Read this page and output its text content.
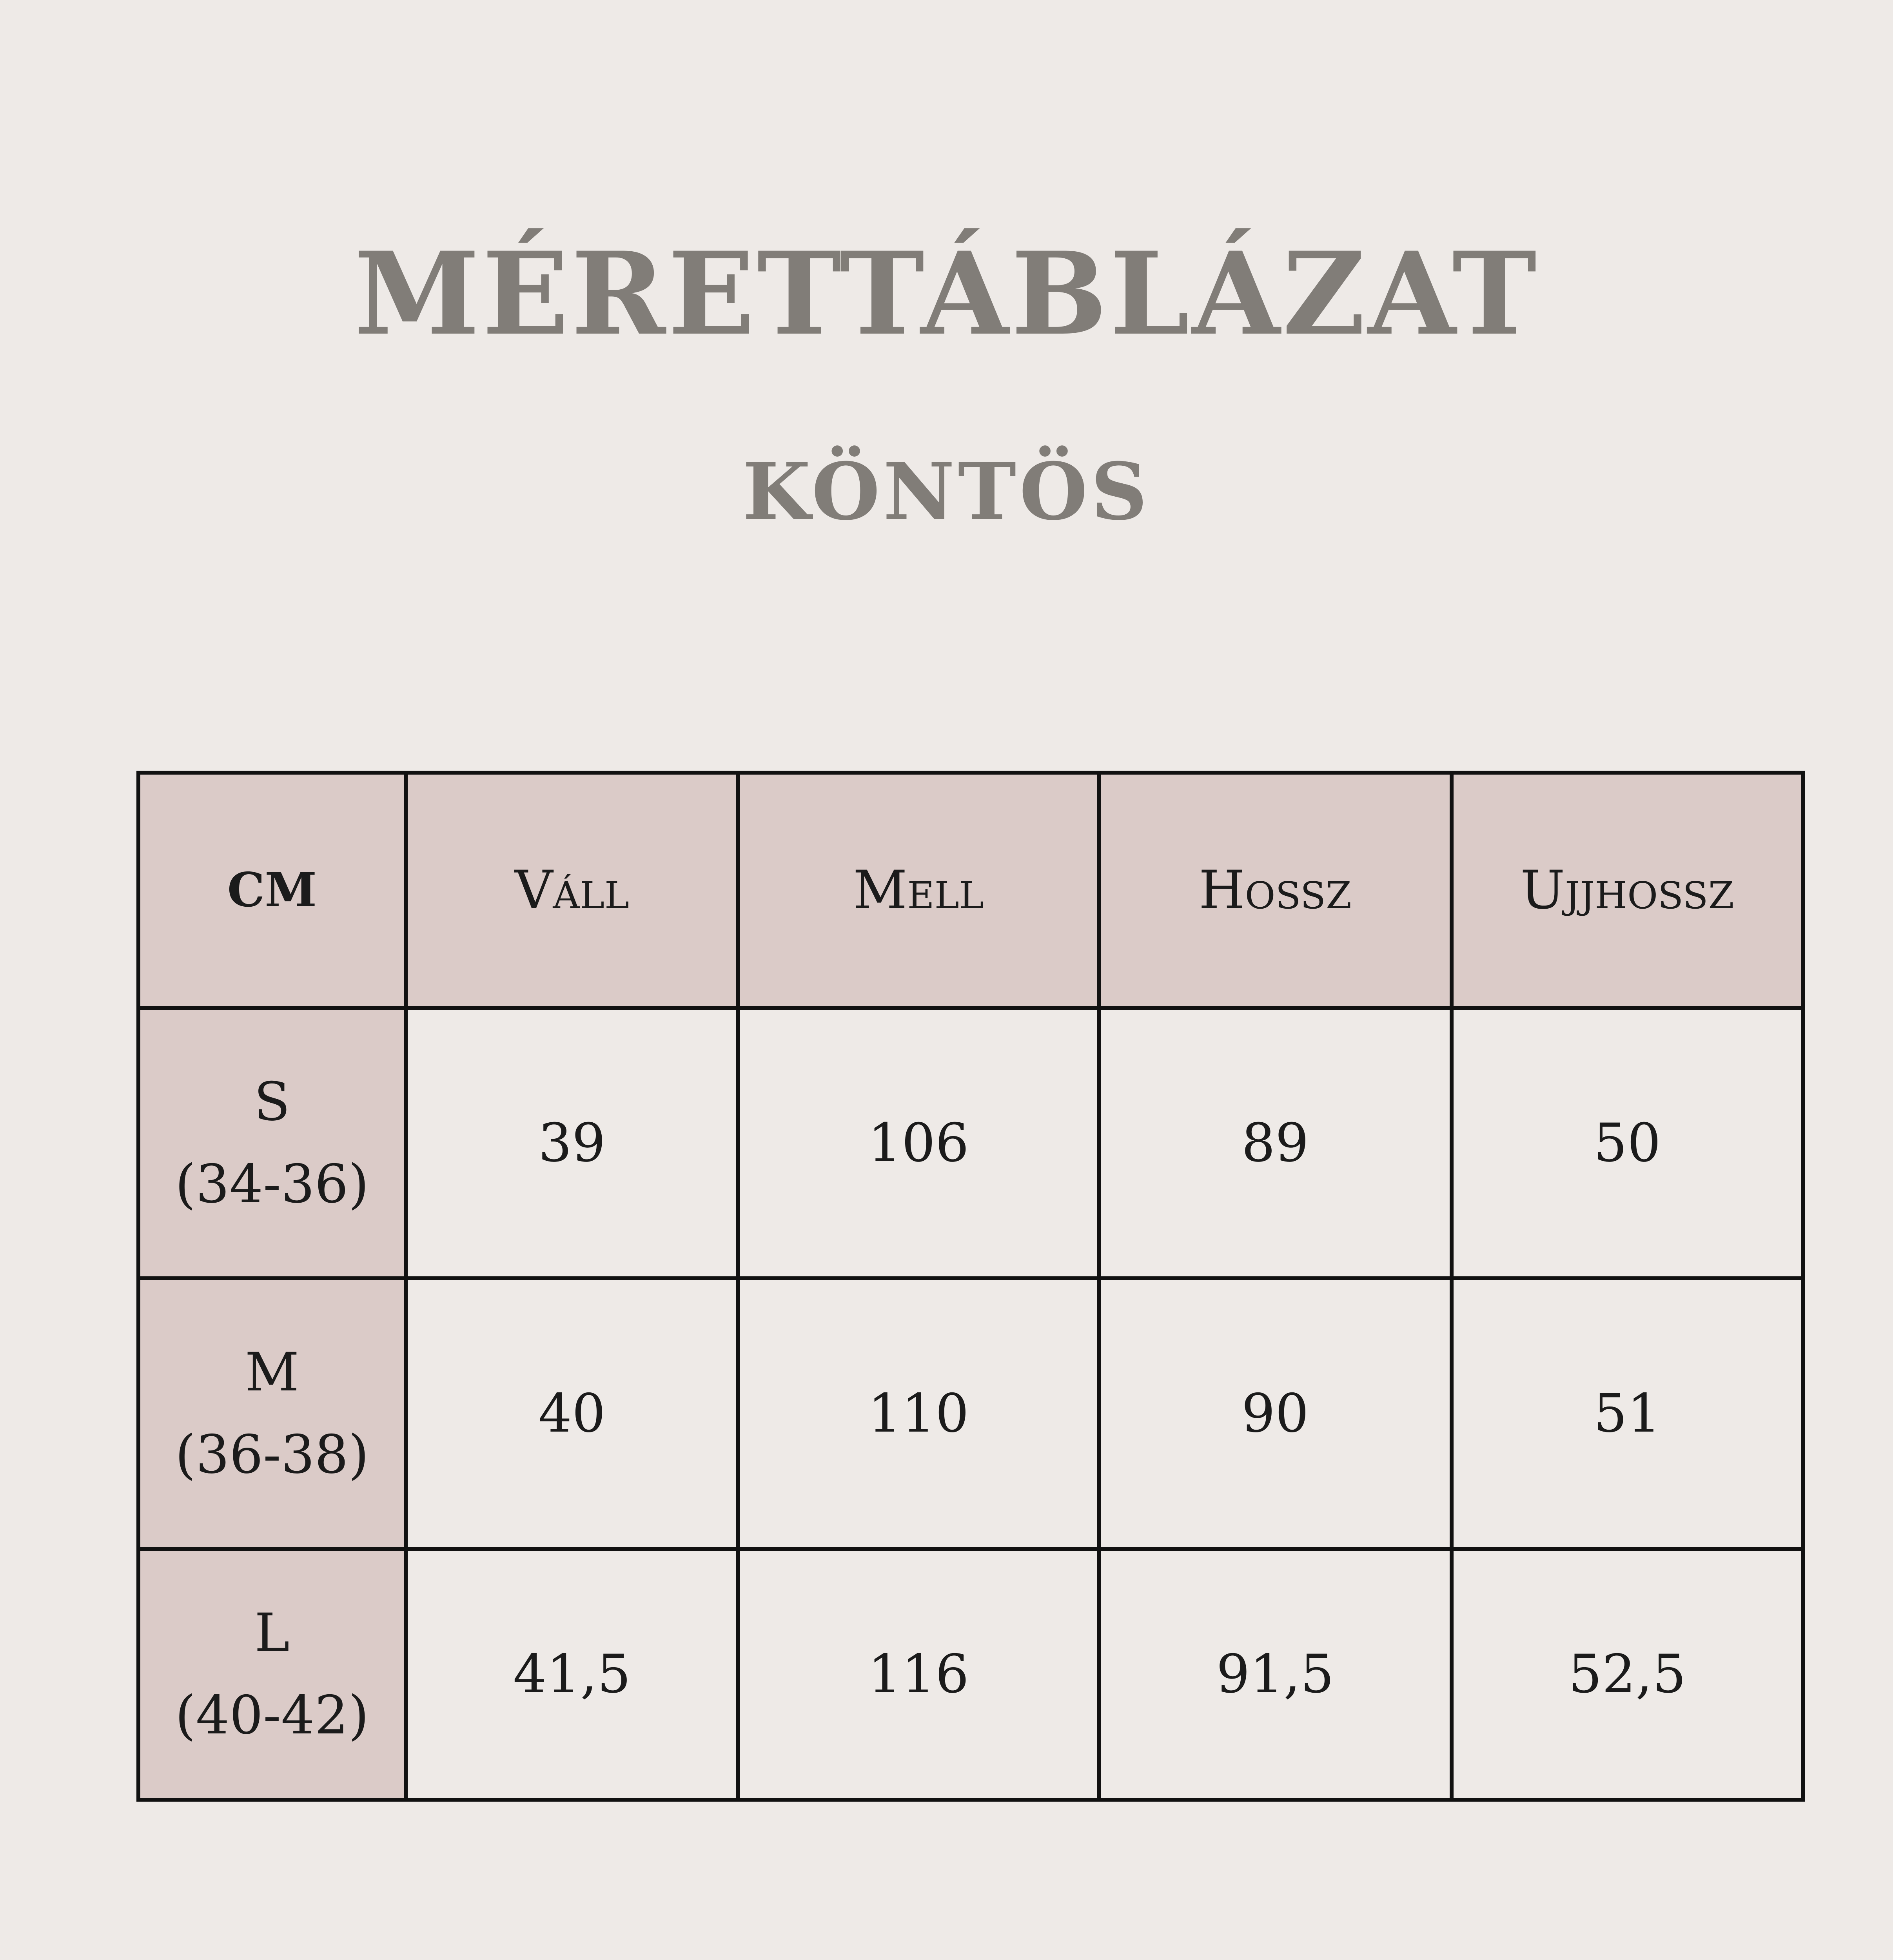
MÉRETTÁBLÁZAT
KÖNTÖS
CM	Váll	Mell	Hossz	Ujjhossz

S
(34-36)	39	106	89	50

M
(36-38)	40	110	90	51

L
(40-42)	41,5	116	91,5	52,5
